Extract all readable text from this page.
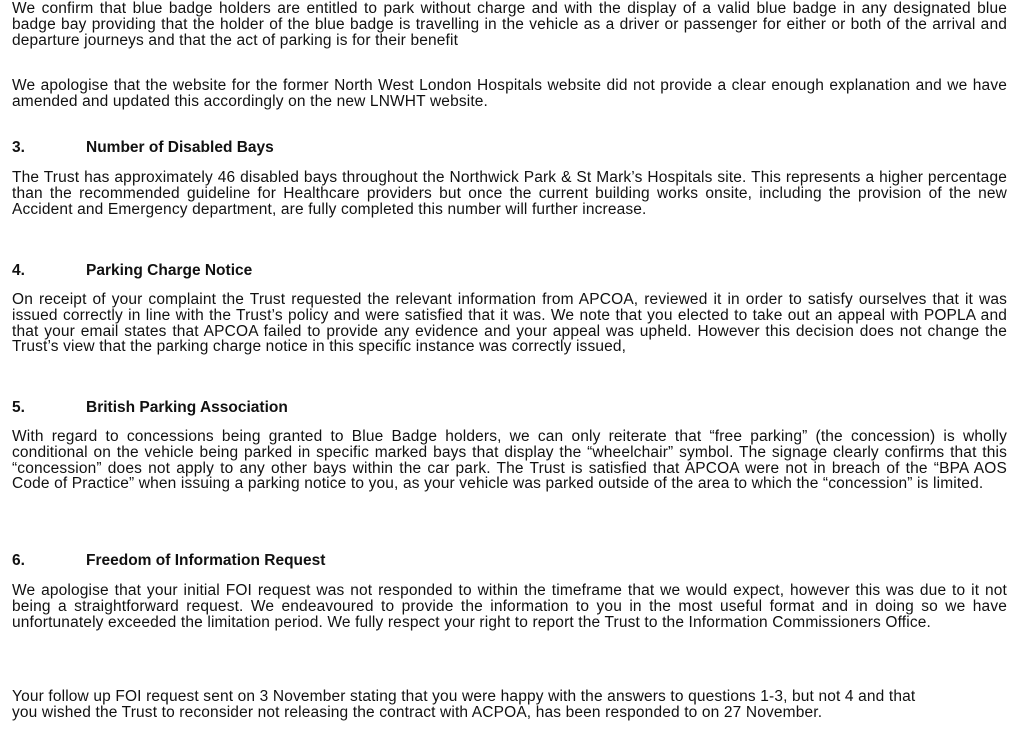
We confirm that blue badge holders are entitled to park without charge and with the display of a valid blue badge in any designated blue badge bay providing that the holder of the blue badge is travelling in the vehicle as a driver or passenger for either or both of the arrival and departure journeys and that the act of parking is for their benefit

We apologise that the website for the former North West London Hospitals website did not provide a clear enough explanation and we have amended and updated this accordingly on the new LNWHT website.

3.	Number of Disabled Bays

The Trust has approximately 46 disabled bays throughout the Northwick Park & St Mark’s Hospitals site. This represents a higher percentage than the recommended guideline for Healthcare providers but once the current building works onsite, including the provision of the new Accident and Emergency department, are fully completed this number will further increase.

4.	Parking Charge Notice

On receipt of your complaint the Trust requested the relevant information from APCOA, reviewed it in order to satisfy ourselves that it was issued correctly in line with the Trust’s policy and were satisfied that it was. We note that you elected to take out an appeal with POPLA and that your email states that APCOA failed to provide any evidence and your appeal was upheld. However this decision does not change the Trust’s view that the parking charge notice in this specific instance was correctly issued,

5.	British Parking Association

With regard to concessions being granted to Blue Badge holders, we can only reiterate that “free parking” (the concession) is wholly conditional on the vehicle being parked in specific marked bays that display the “wheelchair” symbol. The signage clearly confirms that this “concession” does not apply to any other bays within the car park. The Trust is satisfied that APCOA were not in breach of the “BPA AOS Code of Practice” when issuing a parking notice to you, as your vehicle was parked outside of the area to which the “concession” is limited.

6.	Freedom of Information Request

We apologise that your initial FOI request was not responded to within the timeframe that we would expect, however this was due to it not being a straightforward request. We endeavoured to provide the information to you in the most useful format and in doing so we have unfortunately exceeded the limitation period. We fully respect your right to report the Trust to the Information Commissioners Office.

Your follow up FOI request sent on 3 November stating that you were happy with the answers to questions 1-3, but not 4 and that you wished the Trust to reconsider not releasing the contract with ACPOA, has been responded to on 27 November.
